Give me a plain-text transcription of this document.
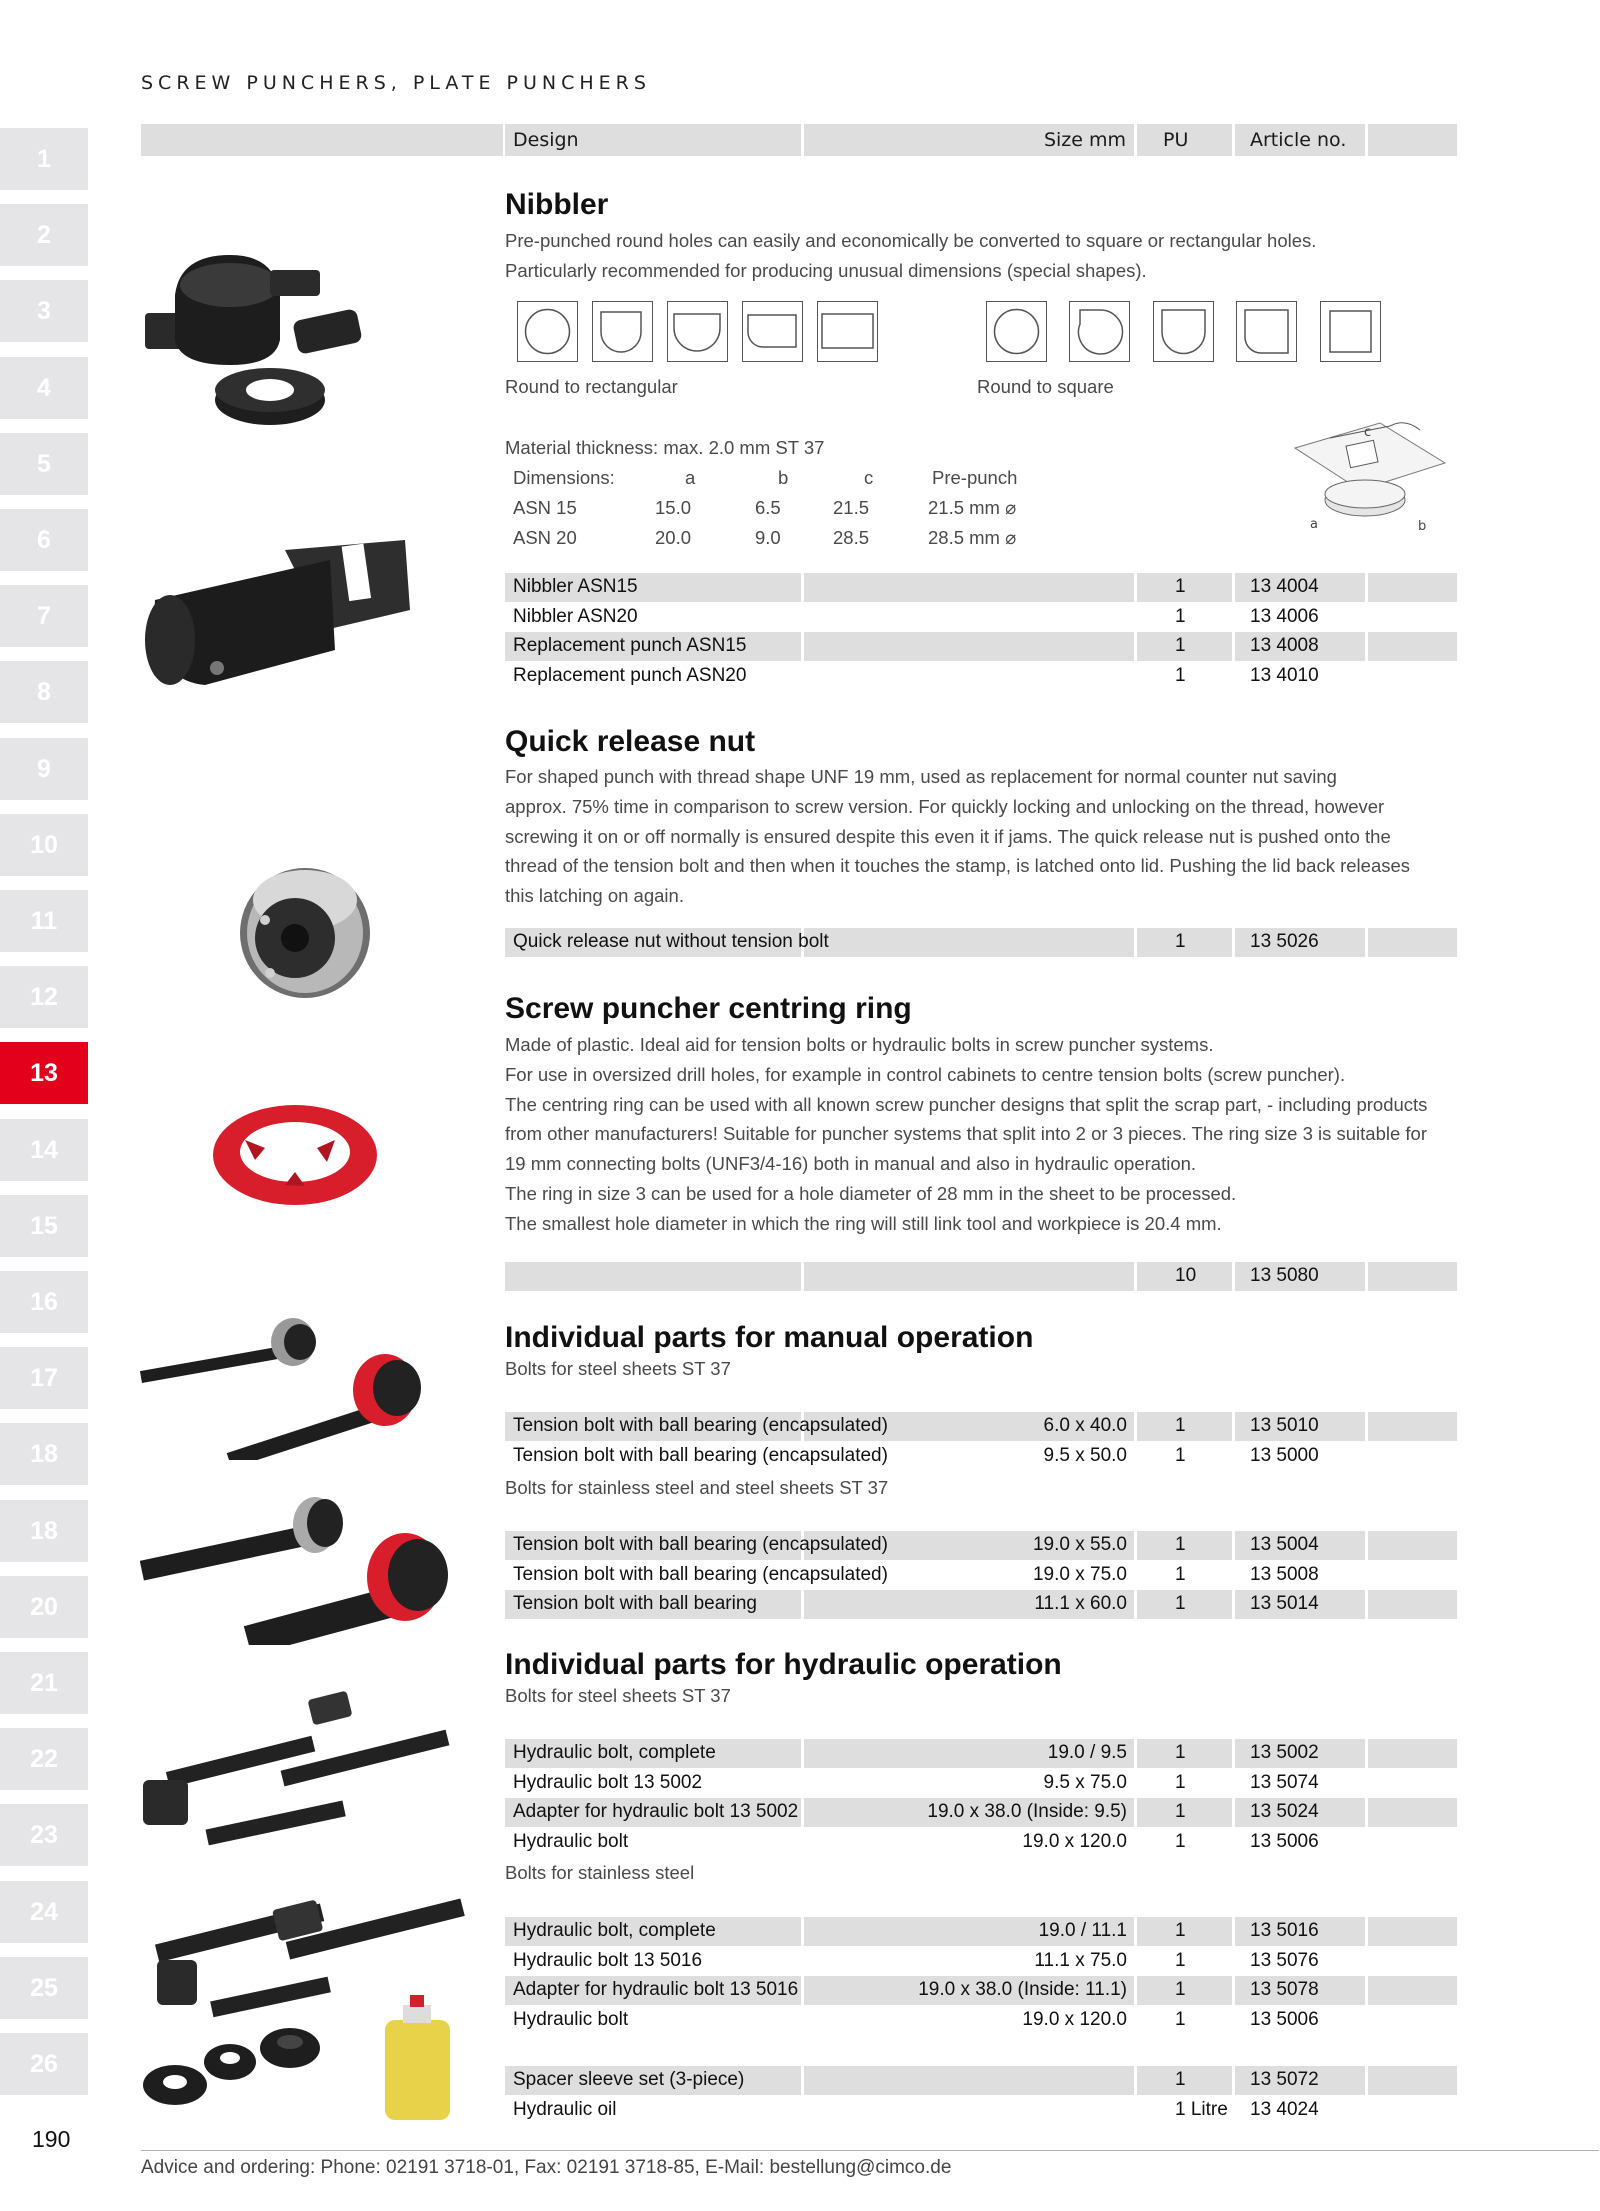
SCREW PUNCHERS, PLATE PUNCHERS
1
2
3
4
5
6
7
8
9
10
11
12
13
14
15
16
17
18
18
20
21
22
23
24
25
26
Design	Size mm PU	Article no.
Nibbler
Pre-punched round holes can easily and economically be converted to square or rectangular holes.
Particularly recommended for producing unusual dimensions (special shapes).
Round to rectangular	Round to square
Material thickness: max. 2.0 mm ST 37
Dimensions:	a	b	c	Pre-punch
ASN 15	15.0	6.5	21.5	21.5 mm ⌀
ASN 20	20.0	9.0	28.5	28.5 mm ⌀
c
a	b
Nibbler ASN15	1	13 4004
Nibbler ASN20	1	13 4006
Replacement punch ASN15	1	13 4008
Replacement punch ASN20	1	13 4010
Quick release nut
For shaped punch with thread shape UNF 19 mm, used as replacement for normal counter nut saving
approx. 75% time in comparison to screw version. For quickly locking and unlocking on the thread, however
screwing it on or off normally is ensured despite this even it if jams. The quick release nut is pushed onto the
thread of the tension bolt and then when it touches the stamp, is latched onto lid. Pushing the lid back releases
this latching on again.
Quick release nut without tension bolt	1	13 5026
Screw puncher centring ring
Made of plastic. Ideal aid for tension bolts or hydraulic bolts in screw puncher systems.
For use in oversized drill holes, for example in control cabinets to centre tension bolts (screw puncher).
The centring ring can be used with all known screw puncher designs that split the scrap part, - including products
from other manufacturers! Suitable for puncher systems that split into 2 or 3 pieces. The ring size 3 is suitable for
19 mm connecting bolts (UNF3/4-16) both in manual and also in hydraulic operation.
The ring in size 3 can be used for a hole diameter of 28 mm in the sheet to be processed.
The smallest hole diameter in which the ring will still link tool and workpiece is 20.4 mm.
10	13 5080
Individual parts for manual operation
Bolts for steel sheets ST 37
Tension bolt with ball bearing (encapsulated)	6.0 x 40.0	1	13 5010
Tension bolt with ball bearing (encapsulated)	9.5 x 50.0	1	13 5000
Bolts for stainless steel and steel sheets ST 37
Tension bolt with ball bearing (encapsulated)	19.0 x 55.0	1	13 5004
Tension bolt with ball bearing (encapsulated)	19.0 x 75.0	1	13 5008
Tension bolt with ball bearing	11.1 x 60.0	1	13 5014
Individual parts for hydraulic operation
Bolts for steel sheets ST 37
Hydraulic bolt, complete	19.0 / 9.5	1	13 5002
Hydraulic bolt 13 5002	9.5 x 75.0	1	13 5074
Adapter for hydraulic bolt 13 5002	19.0 x 38.0 (Inside: 9.5)	1	13 5024
Hydraulic bolt	19.0 x 120.0	1	13 5006
Bolts for stainless steel
Hydraulic bolt, complete	19.0 / 11.1	1	13 5016
Hydraulic bolt 13 5016	11.1 x 75.0	1	13 5076
Adapter for hydraulic bolt 13 5016	19.0 x 38.0 (Inside: 11.1)	1	13 5078
Hydraulic bolt	19.0 x 120.0	1	13 5006
Spacer sleeve set (3-piece)	1	13 5072
Hydraulic oil	1 Litre 13 4024
190
Advice and ordering: Phone: 02191 3718-01, Fax: 02191 3718-85, E-Mail: bestellung@cimco.de
